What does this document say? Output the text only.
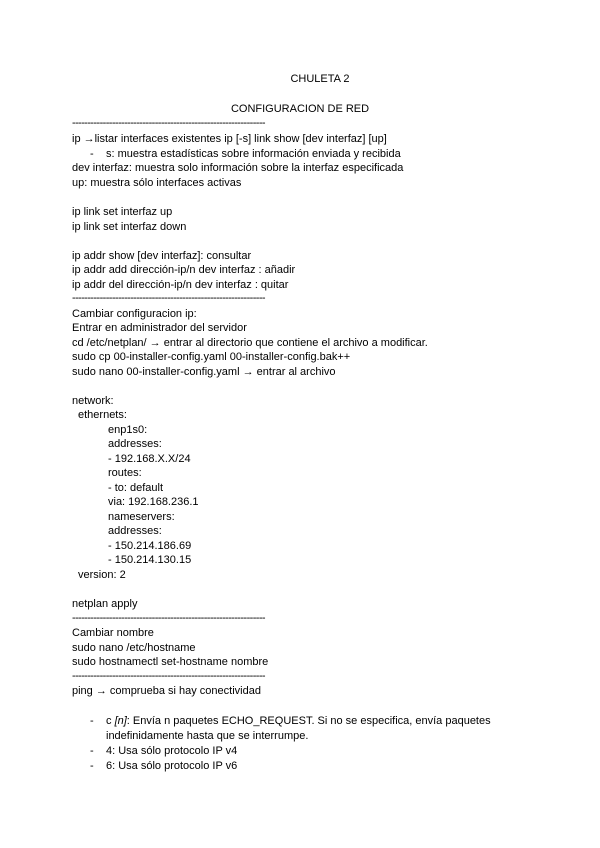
CHULETA 2
CONFIGURACION DE RED
---------------------------------------------------------------
ip →listar interfaces existentes ip [-s] link show [dev interfaz] [up]
- s: muestra estadísticas sobre información enviada y recibida
dev interfaz: muestra solo información sobre la interfaz especificada
up: muestra sólo interfaces activas
ip link set interfaz up
ip link set interfaz down
ip addr show [dev interfaz]: consultar
ip addr add dirección-ip/n dev interfaz : añadir
ip addr del dirección-ip/n dev interfaz : quitar
---------------------------------------------------------------
Cambiar configuracion ip:
Entrar en administrador del servidor
cd /etc/netplan/ → entrar al directorio que contiene el archivo a modificar.
sudo cp 00-installer-config.yaml 00-installer-config.bak++
sudo nano 00-installer-config.yaml → entrar al archivo
network:
ethernets:
enp1s0:
addresses:
- 192.168.X.X/24
routes:
- to: default
via: 192.168.236.1
nameservers:
addresses:
- 150.214.186.69
- 150.214.130.15
version: 2
netplan apply
---------------------------------------------------------------
Cambiar nombre
sudo nano /etc/hostname
sudo hostnamectl set-hostname nombre
---------------------------------------------------------------
ping → comprueba si hay conectividad
- c [n]: Envía n paquetes ECHO_REQUEST. Si no se especifica, envía paquetes
indefinidamente hasta que se interrumpe.
- 4: Usa sólo protocolo IP v4
- 6: Usa sólo protocolo IP v6
